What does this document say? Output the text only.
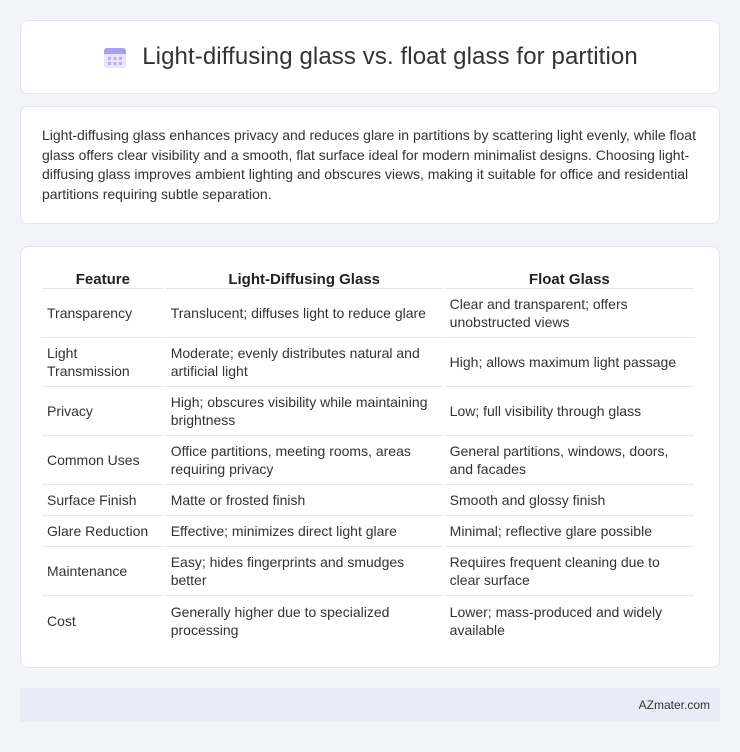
Light-diffusing glass vs. float glass for partition

Light-diffusing glass enhances privacy and reduces glare in partitions by scattering light evenly, while float glass offers clear visibility and a smooth, flat surface ideal for modern minimalist designs. Choosing light-diffusing glass improves ambient lighting and obscures views, making it suitable for office and residential partitions requiring subtle separation.

Feature	Light-Diffusing Glass	Float Glass
Transparency	Translucent; diffuses light to reduce glare	Clear and transparent; offers unobstructed views
Light Transmission	Moderate; evenly distributes natural and artificial light	High; allows maximum light passage
Privacy	High; obscures visibility while maintaining brightness	Low; full visibility through glass
Common Uses	Office partitions, meeting rooms, areas requiring privacy	General partitions, windows, doors, and facades
Surface Finish	Matte or frosted finish	Smooth and glossy finish
Glare Reduction	Effective; minimizes direct light glare	Minimal; reflective glare possible
Maintenance	Easy; hides fingerprints and smudges better	Requires frequent cleaning due to clear surface
Cost	Generally higher due to specialized processing	Lower; mass-produced and widely available
AZmater.com
